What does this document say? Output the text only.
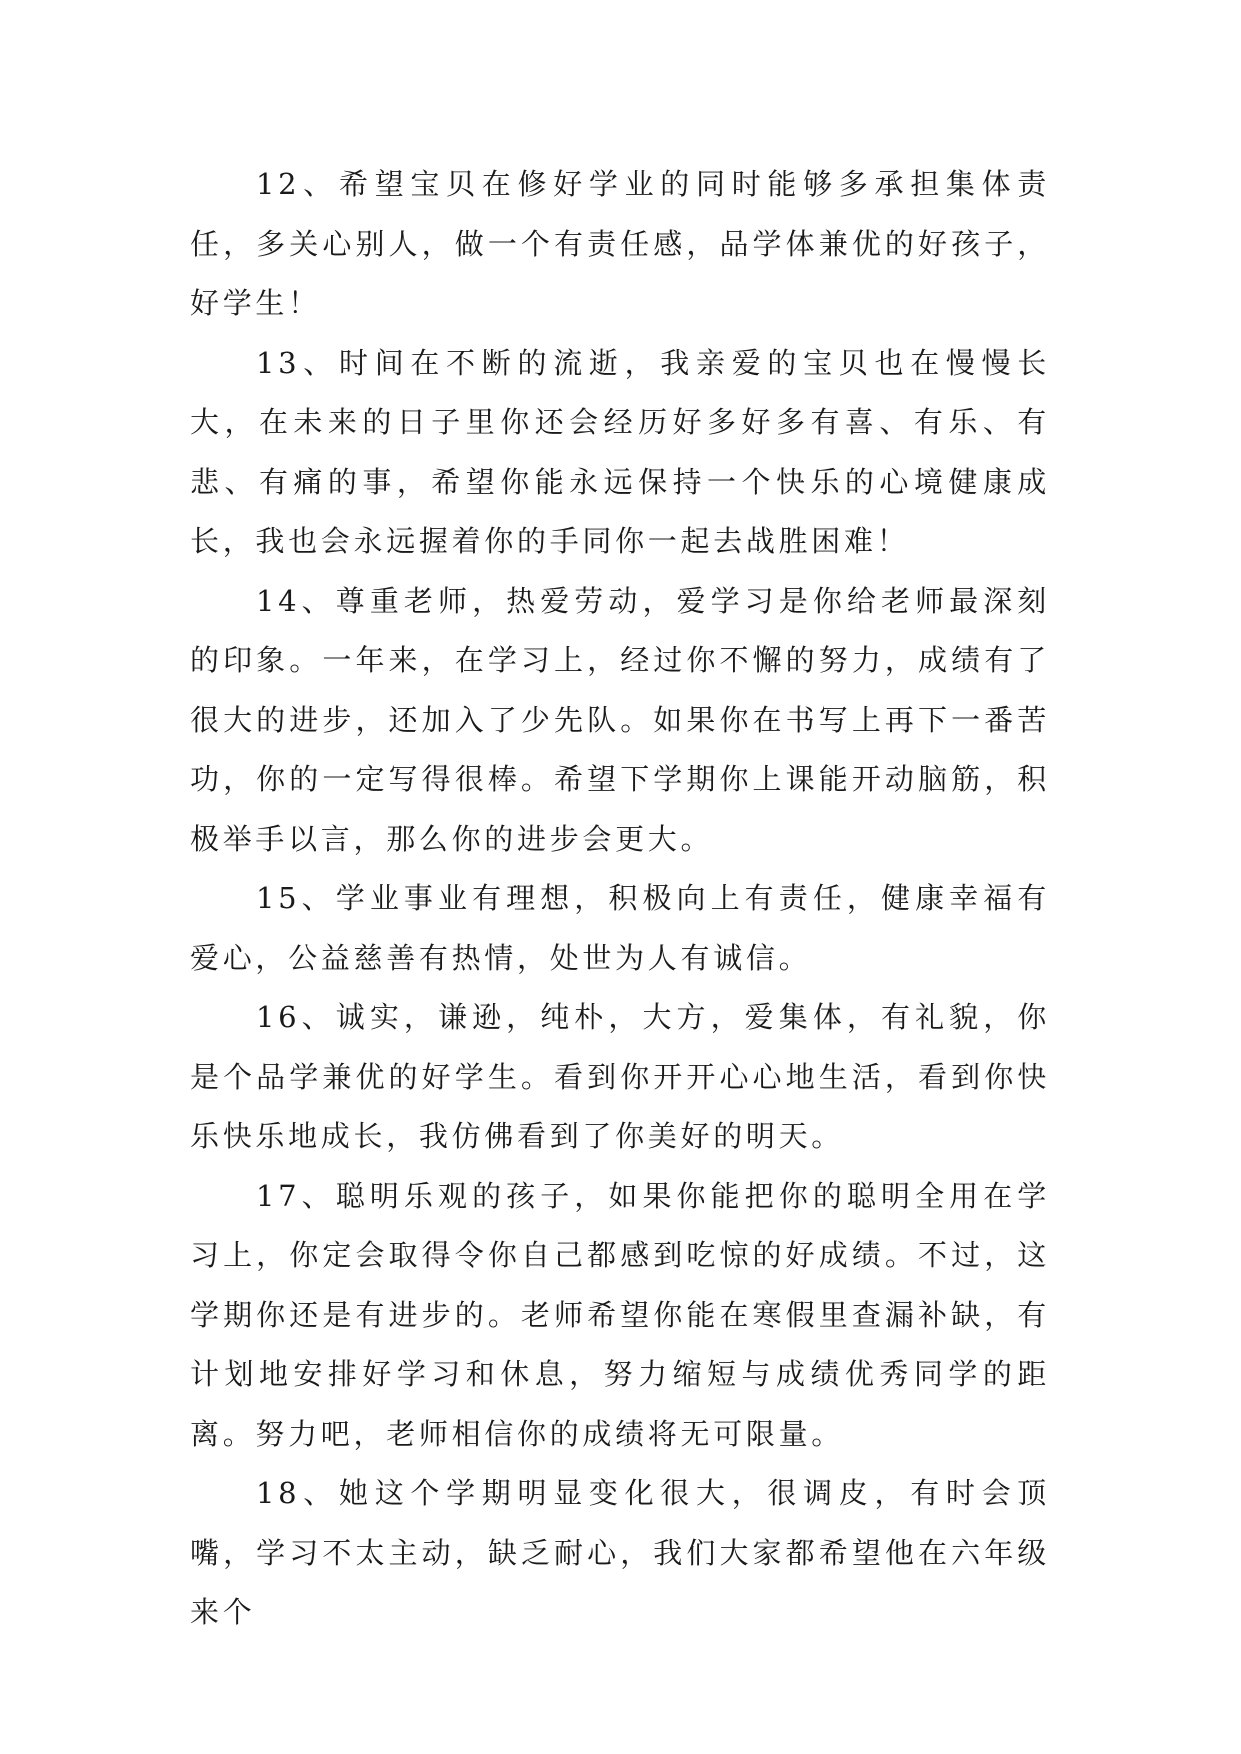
12、希望宝贝在修好学业的同时能够多承担集体责任，多关心别人，做一个有责任感，品学体兼优的好孩子，好学生！

13、时间在不断的流逝，我亲爱的宝贝也在慢慢长大，在未来的日子里你还会经历好多好多有喜、有乐、有悲、有痛的事，希望你能永远保持一个快乐的心境健康成长，我也会永远握着你的手同你一起去战胜困难！

14、尊重老师，热爱劳动，爱学习是你给老师最深刻的印象。一年来，在学习上，经过你不懈的努力，成绩有了很大的进步，还加入了少先队。如果你在书写上再下一番苦功，你的一定写得很棒。希望下学期你上课能开动脑筋，积极举手以言，那么你的进步会更大。

15、学业事业有理想，积极向上有责任，健康幸福有爱心，公益慈善有热情，处世为人有诚信。

16、诚实，谦逊，纯朴，大方，爱集体，有礼貌，你是个品学兼优的好学生。看到你开开心心地生活，看到你快乐快乐地成长，我仿佛看到了你美好的明天。

17、聪明乐观的孩子，如果你能把你的聪明全用在学习上，你定会取得令你自己都感到吃惊的好成绩。不过，这学期你还是有进步的。老师希望你能在寒假里查漏补缺，有计划地安排好学习和休息，努力缩短与成绩优秀同学的距离。努力吧，老师相信你的成绩将无可限量。

18、她这个学期明显变化很大，很调皮，有时会顶嘴，学习不太主动，缺乏耐心，我们大家都希望他在六年级来个
